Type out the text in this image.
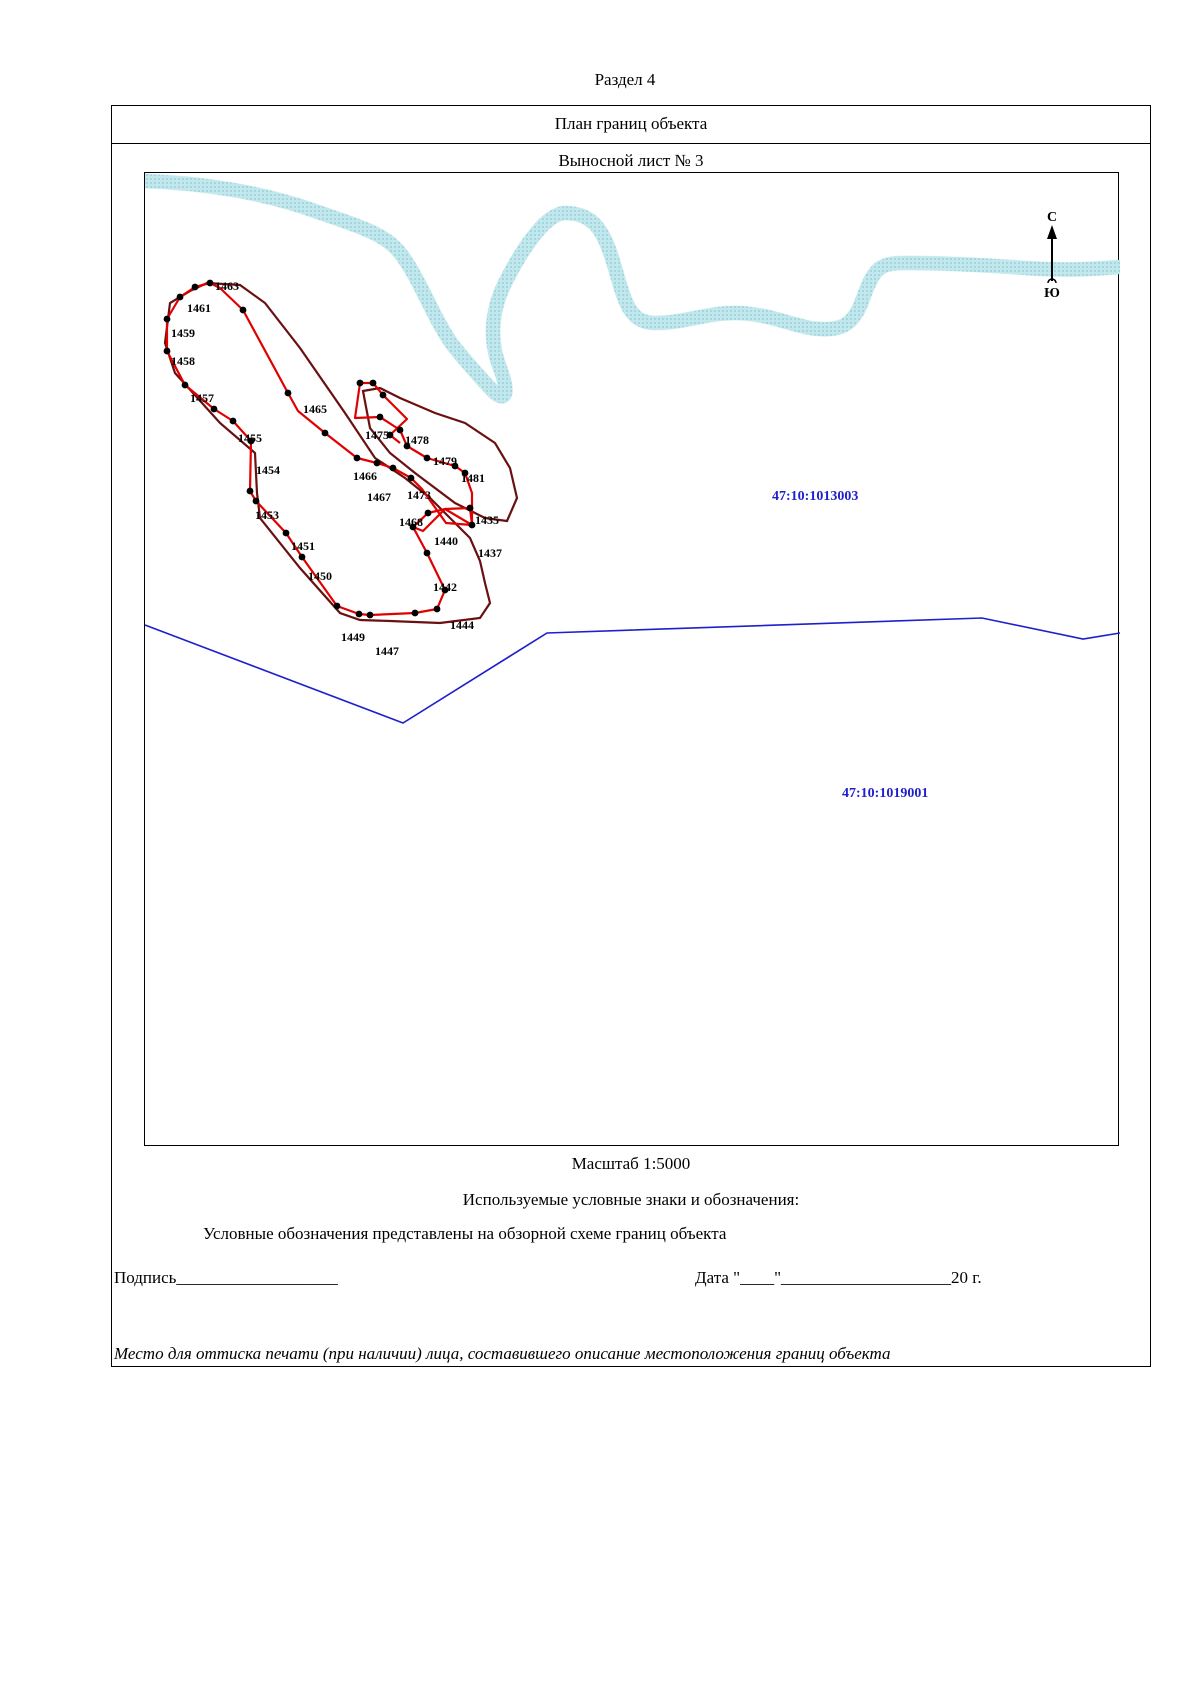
Раздел 4
План границ объекта
Выносной лист № 3
1463
1461
1459
1458
1457
1455
1454
1453
1451
1450
1449
1447
1444
1442
1440
1437
1435
1481
1479
1478
1475
1473
1468
1467
1466
1465
47:10:1013003
47:10:1019001
С
Ю
Масштаб 1:5000
Используемые условные знаки и обозначения:
Условные обозначения представлены на обзорной схеме границ объекта
Подпись___________________	Дата "____"____________________20 г.
Место для оттиска печати (при наличии) лица, составившего описание местоположения границ объекта
